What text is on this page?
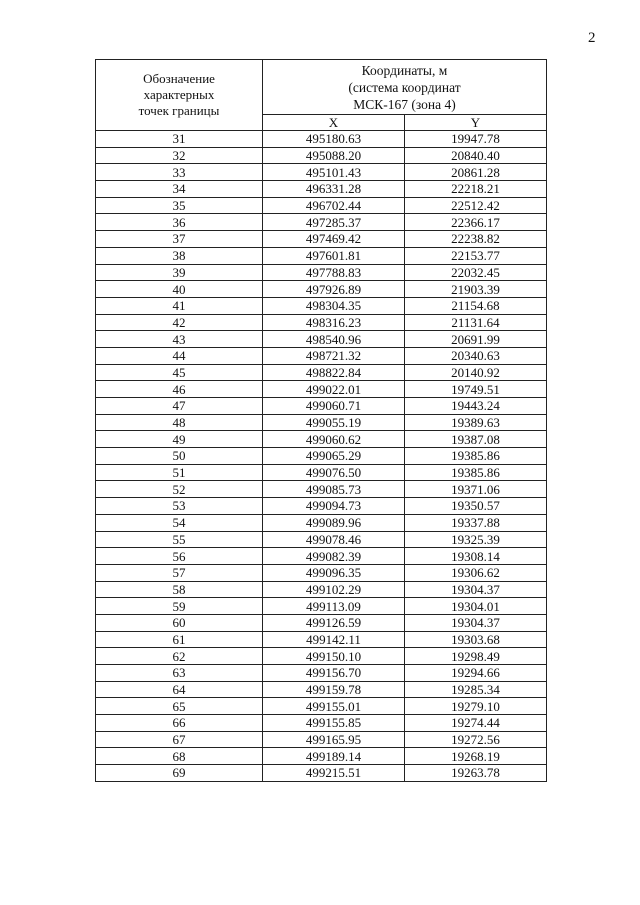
2
Обозначение
характерных
точек границы	Координаты, м
(система координат
МСК-167 (зона 4)	

	X	Y
31	495180.63	19947.78
32	495088.20	20840.40
33	495101.43	20861.28
34	496331.28	22218.21
35	496702.44	22512.42
36	497285.37	22366.17
37	497469.42	22238.82
38	497601.81	22153.77
39	497788.83	22032.45
40	497926.89	21903.39
41	498304.35	21154.68
42	498316.23	21131.64
43	498540.96	20691.99
44	498721.32	20340.63
45	498822.84	20140.92
46	499022.01	19749.51
47	499060.71	19443.24
48	499055.19	19389.63
49	499060.62	19387.08
50	499065.29	19385.86
51	499076.50	19385.86
52	499085.73	19371.06
53	499094.73	19350.57
54	499089.96	19337.88
55	499078.46	19325.39
56	499082.39	19308.14
57	499096.35	19306.62
58	499102.29	19304.37
59	499113.09	19304.01
60	499126.59	19304.37
61	499142.11	19303.68
62	499150.10	19298.49
63	499156.70	19294.66
64	499159.78	19285.34
65	499155.01	19279.10
66	499155.85	19274.44
67	499165.95	19272.56
68	499189.14	19268.19
69	499215.51	19263.78
